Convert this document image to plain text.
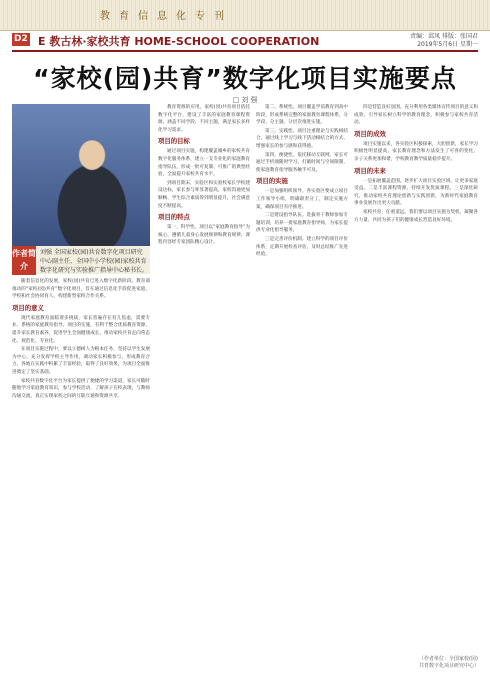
教育信息化专刊
D2 E 教古林·家校共育 HOME-SCHOOL COOPERATION	责编：邱凤 排版：张国君
2019年5月6日 星期一
“家校(园)共育”数字化项目实施要点
□ 刘 强
作者简介
刘强 全国家校(园)共育数字化项目研究中心副主任、全国中小学校(园)家校共育数字化研究与实验推广指导中心秘书长。

随着信息化的发展，家校(园)共育已进入数字化新阶段。教育部推动的“家校(园)共育”数字化项目，旨在通过信息化手段促进家庭、学校和社会协同育人，构建新型家校合作关系。

项目的意义

现代家庭教育面临诸多挑战，家长普遍存在育儿焦虑，需要专业、系统的家庭教育指导。项目的实施，有利于整合优质教育资源，提升家长教育素养，促进学生全面健康成长，推动家校共育走向常态化、规范化、专业化。

在项目实施过程中，要以立德树人为根本任务，坚持以学生发展为中心，充分发挥学校主导作用，调动家长积极参与，形成教育合力。各地在实践中积累了丰富经验，取得了良好效果，为项目全面推进奠定了坚实基础。

家校共育数字化平台为家长提供了便捷的学习渠道，家长可随时随地学习家庭教育知识，参与学校活动，了解孩子在校表现，与教师沟通交流，真正实现家校之间的互联互通和资源共享。

教育资源的应用。家校(园)共育项目依托数字化平台，建设了丰富的家庭教育课程资源，涵盖不同学段、不同主题，满足家长多样化学习需求。

项目的目标

通过项目实施，构建覆盖城乡的家校共育数字化服务体系，建立一支专业化的家庭教育指导队伍，形成一批可复制、可推广的典型经验，全面提升家校共育水平。

到项目期末，实验区和实验校家长学校建设达标，家长参与率显著提高，家校沟通更加顺畅，学生综合素质得到明显提升，社会满意度不断提高。

项目的特点

第一，科学性。项目以“家庭教育指导”为核心，遵循儿童身心发展规律和教育规律，课程内容经专家团队精心设计。

第二，系统性。项目覆盖学前教育到高中阶段，形成系统完整的家庭教育课程体系，分学段、分主题、分层次推进实施。

第三，实践性。项目注重理论与实践相结合，通过线上学习与线下活动相结合的方式，增强家长的参与感和获得感。

第四，便捷性。依托移动互联网，家长可通过手机端随时学习，打破时间与空间限制，使家庭教育指导服务触手可及。

项目的实施

一是加强组织领导。各实验区要成立项目工作领导小组，明确职责分工，制定实施方案，确保项目有序推进。

二是建设指导队伍。选拔骨干教师参加专题培训，培养一批家庭教育指导师，为家长提供专业化指导服务。

三是完善评价机制。建立科学的项目评价体系，定期开展检查评估，及时总结推广先进经验。

四是营造良好氛围。充分利用各类媒体宣传项目的意义和成效，引导家长树立科学的教育理念，积极参与家校共育活动。

项目的成效

项目实施以来，各实验区积极探索，大胆创新，家长学习积极性明显提高，家长教育理念和方法发生了可喜的变化，亲子关系更加和谐，学校教育教学质量稳步提升。

项目的未来

一是拓展覆盖范围。逐步扩大项目实验区域，让更多家庭受益。二是丰富课程资源，持续开发优质课程。三是深化研究，推动家校共育理论创新与实践创新，为新时代家庭教育事业发展作出更大贡献。

家校共育，任重道远。我们要以项目实施为契机，凝聚各方力量，共同为孩子们的健康成长营造良好环境。

（作者单位：全国家校(园)共育数字化项目研究中心）
